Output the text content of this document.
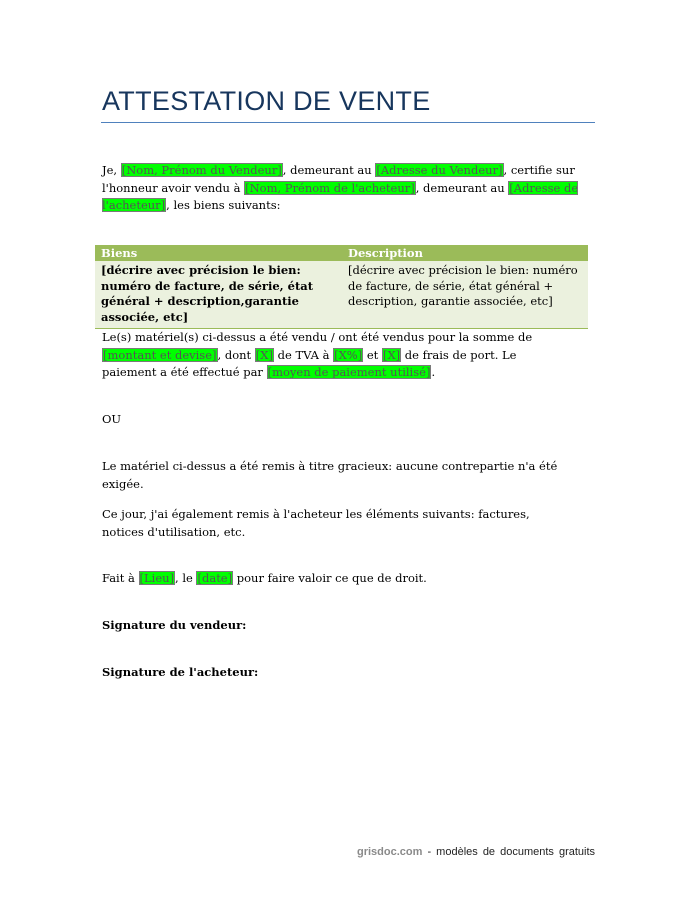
ATTESTATION DE VENTE

Je, [Nom, Prénom du Vendeur], demeurant au [Adresse du Vendeur], certifie sur l'honneur avoir vendu à [Nom, Prénom de l'acheteur], demeurant au [Adresse de l'acheteur], les biens suivants:

Biens	Description
[décrire avec précision le bien: numéro de facture, de série, état général + description,garantie associée, etc]	[décrire avec précision le bien: numéro de facture, de série, état général + description, garantie associée, etc]

Le(s) matériel(s) ci-dessus a été vendu / ont été vendus pour la somme de [montant et devise], dont [X] de TVA à [X%] et [X] de frais de port. Le paiement a été effectué par [moyen de paiement utilisé].

OU

Le matériel ci-dessus a été remis à titre gracieux: aucune contrepartie n'a été exigée.

Ce jour, j'ai également remis à l'acheteur les éléments suivants: factures, notices d'utilisation, etc.

Fait à [Lieu], le [date] pour faire valoir ce que de droit.

Signature du vendeur:

Signature de l'acheteur:

grisdoc.com - modèles de documents gratuits
